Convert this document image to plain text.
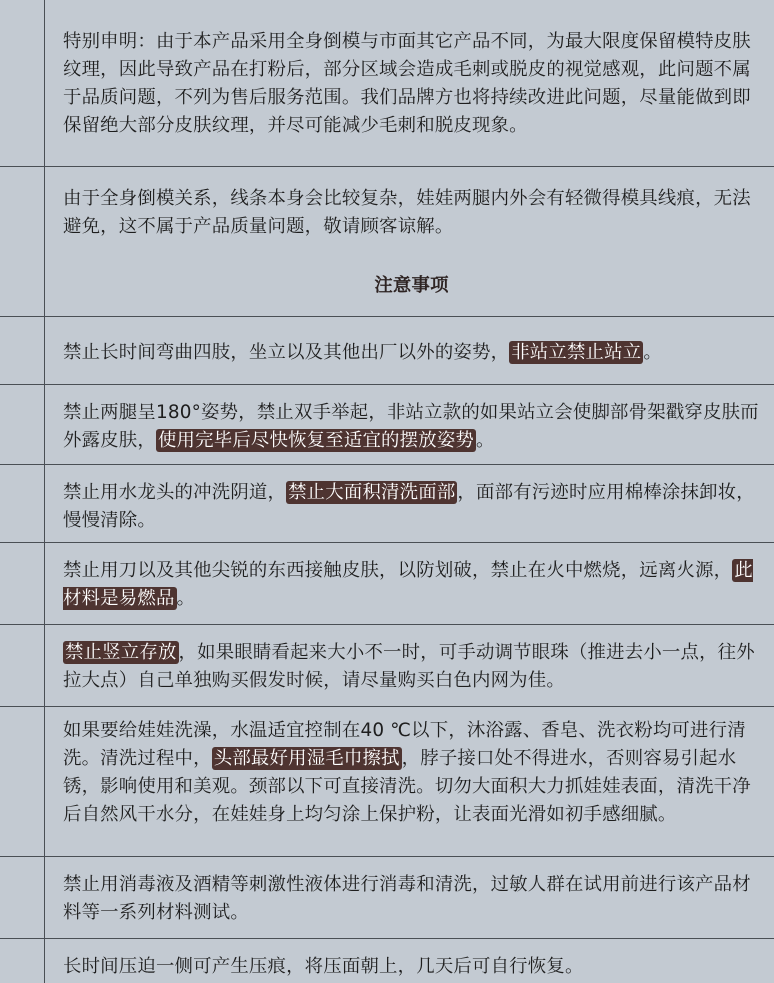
特别申明：由于本产品采用全身倒模与市面其它产品不同，为最大限度保留模特皮肤纹理，因此导致产品在打粉后，部分区域会造成毛刺或脱皮的视觉感观，此问题不属于品质问题，不列为售后服务范围。我们品牌方也将持续改进此问题，尽量能做到即保留绝大部分皮肤纹理，并尽可能减少毛刺和脱皮现象。
由于全身倒模关系，线条本身会比较复杂，娃娃两腿内外会有轻微得模具线痕，无法避免，这不属于产品质量问题，敬请顾客谅解。
注意事项
禁止长时间弯曲四肢，坐立以及其他出厂以外的姿势， 非站立禁止站立 。
禁止两腿呈180°姿势，禁止双手举起，非站立款的如果站立会使脚部骨架戳穿皮肤而外露皮肤， 使用完毕后尽快恢复至适宜的摆放姿势 。
禁止用水龙头的冲洗阴道， 禁止大面积清洗面部 ，面部有污迹时应用棉棒涂抹卸妆，慢慢清除。
禁止用刀以及其他尖锐的东西接触皮肤，以防划破，禁止在火中燃烧，远离火源， 此材料是易燃品 。
禁止竖立存放 ，如果眼睛看起来大小不一时，可手动调节眼珠（推进去小一点，往外拉大点）自己单独购买假发时候，请尽量购买白色内网为佳。
如果要给娃娃洗澡，水温适宜控制在40 ℃以下，沐浴露、香皂、洗衣粉均可进行清洗。清洗过程中， 头部最好用湿毛巾擦拭 ，脖子接口处不得进水，否则容易引起水锈，影响使用和美观。颈部以下可直接清洗。切勿大面积大力抓娃娃表面，清洗干净后自然风干水分，在娃娃身上均匀涂上保护粉，让表面光滑如初手感细腻。
禁止用消毒液及酒精等刺激性液体进行消毒和清洗，过敏人群在试用前进行该产品材料等一系列材料测试。
长时间压迫一侧可产生压痕，将压面朝上，几天后可自行恢复。
